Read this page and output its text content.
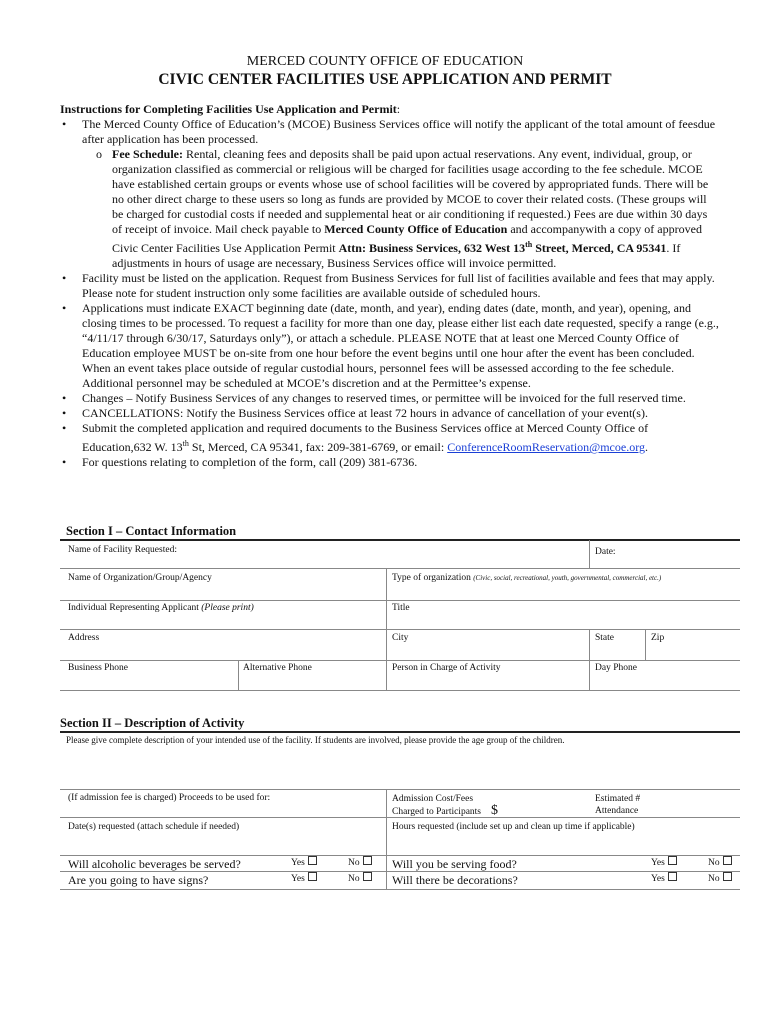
MERCED COUNTY OFFICE OF EDUCATION
CIVIC CENTER FACILITIES USE APPLICATION AND PERMIT
Instructions for Completing Facilities Use Application and Permit:
• The Merced County Office of Education’s (MCOE) Business Services office will notify the applicant of the total amount of feesdue after application has been processed.
o Fee Schedule: Rental, cleaning fees and deposits shall be paid upon actual reservations. Any event, individual, group, or organization classified as commercial or religious will be charged for facilities usage according to the fee schedule. MCOE have established certain groups or events whose use of school facilities will be covered by appropriated funds. There will be no other direct charge to these users so long as funds are provided by MCOE to cover their related costs. (These groups will be charged for custodial costs if needed and supplemental heat or air conditioning if requested.) Fees are due within 30 days of receipt of invoice. Mail check payable to Merced County Office of Education and accompanywith a copy of approved Civic Center Facilities Use Application Permit Attn: Business Services, 632 West 13th Street, Merced, CA 95341. If adjustments in hours of usage are necessary, Business Services office will invoice permitted.
• Facility must be listed on the application. Request from Business Services for full list of facilities available and fees that may apply. Please note for student instruction only some facilities are available outside of scheduled hours.
• Applications must indicate EXACT beginning date (date, month, and year), ending dates (date, month, and year), opening, and closing times to be processed. To request a facility for more than one day, please either list each date requested, specify a range (e.g., “4/11/17 through 6/30/17, Saturdays only”), or attach a schedule. PLEASE NOTE that at least one Merced County Office of Education employee MUST be on-site from one hour before the event begins until one hour after the event has been concluded. When an event takes place outside of regular custodial hours, personnel fees will be assessed according to the fee schedule. Additional personnel may be scheduled at MCOE’s discretion and at the Permittee’s expense.
• Changes – Notify Business Services of any changes to reserved times, or permittee will be invoiced for the full reserved time.
• CANCELLATIONS: Notify the Business Services office at least 72 hours in advance of cancellation of your event(s).
• Submit the completed application and required documents to the Business Services office at Merced County Office of Education,632 W. 13th St, Merced, CA 95341, fax: 209-381-6769, or email: ConferenceRoomReservation@mcoe.org.
• For questions relating to completion of the form, call (209) 381-6736.
Section I – Contact Information
Name of Facility Requested:	Date:
Name of Organization/Group/Agency	Type of organization (Civic, social, recreational, youth, governmental, commercial, etc.)
Individual Representing Applicant (Please print)	Title
Address	City	State	Zip
Business Phone	Alternative Phone	Person in Charge of Activity	Day Phone
Section II – Description of Activity
Please give complete description of your intended use of the facility. If students are involved, please provide the age group of the children.
(If admission fee is charged) Proceeds to be used for:	Admission Cost/Fees
Charged to Participants $
Estimated #
Attendance
Date(s) requested (attach schedule if needed)	Hours requested (include set up and clean up time if applicable)
Will alcoholic beverages be served?	Yes	No	Will you be serving food?	Yes	No
Are you going to have signs?	Yes	No	Will there be decorations?	Yes	No
